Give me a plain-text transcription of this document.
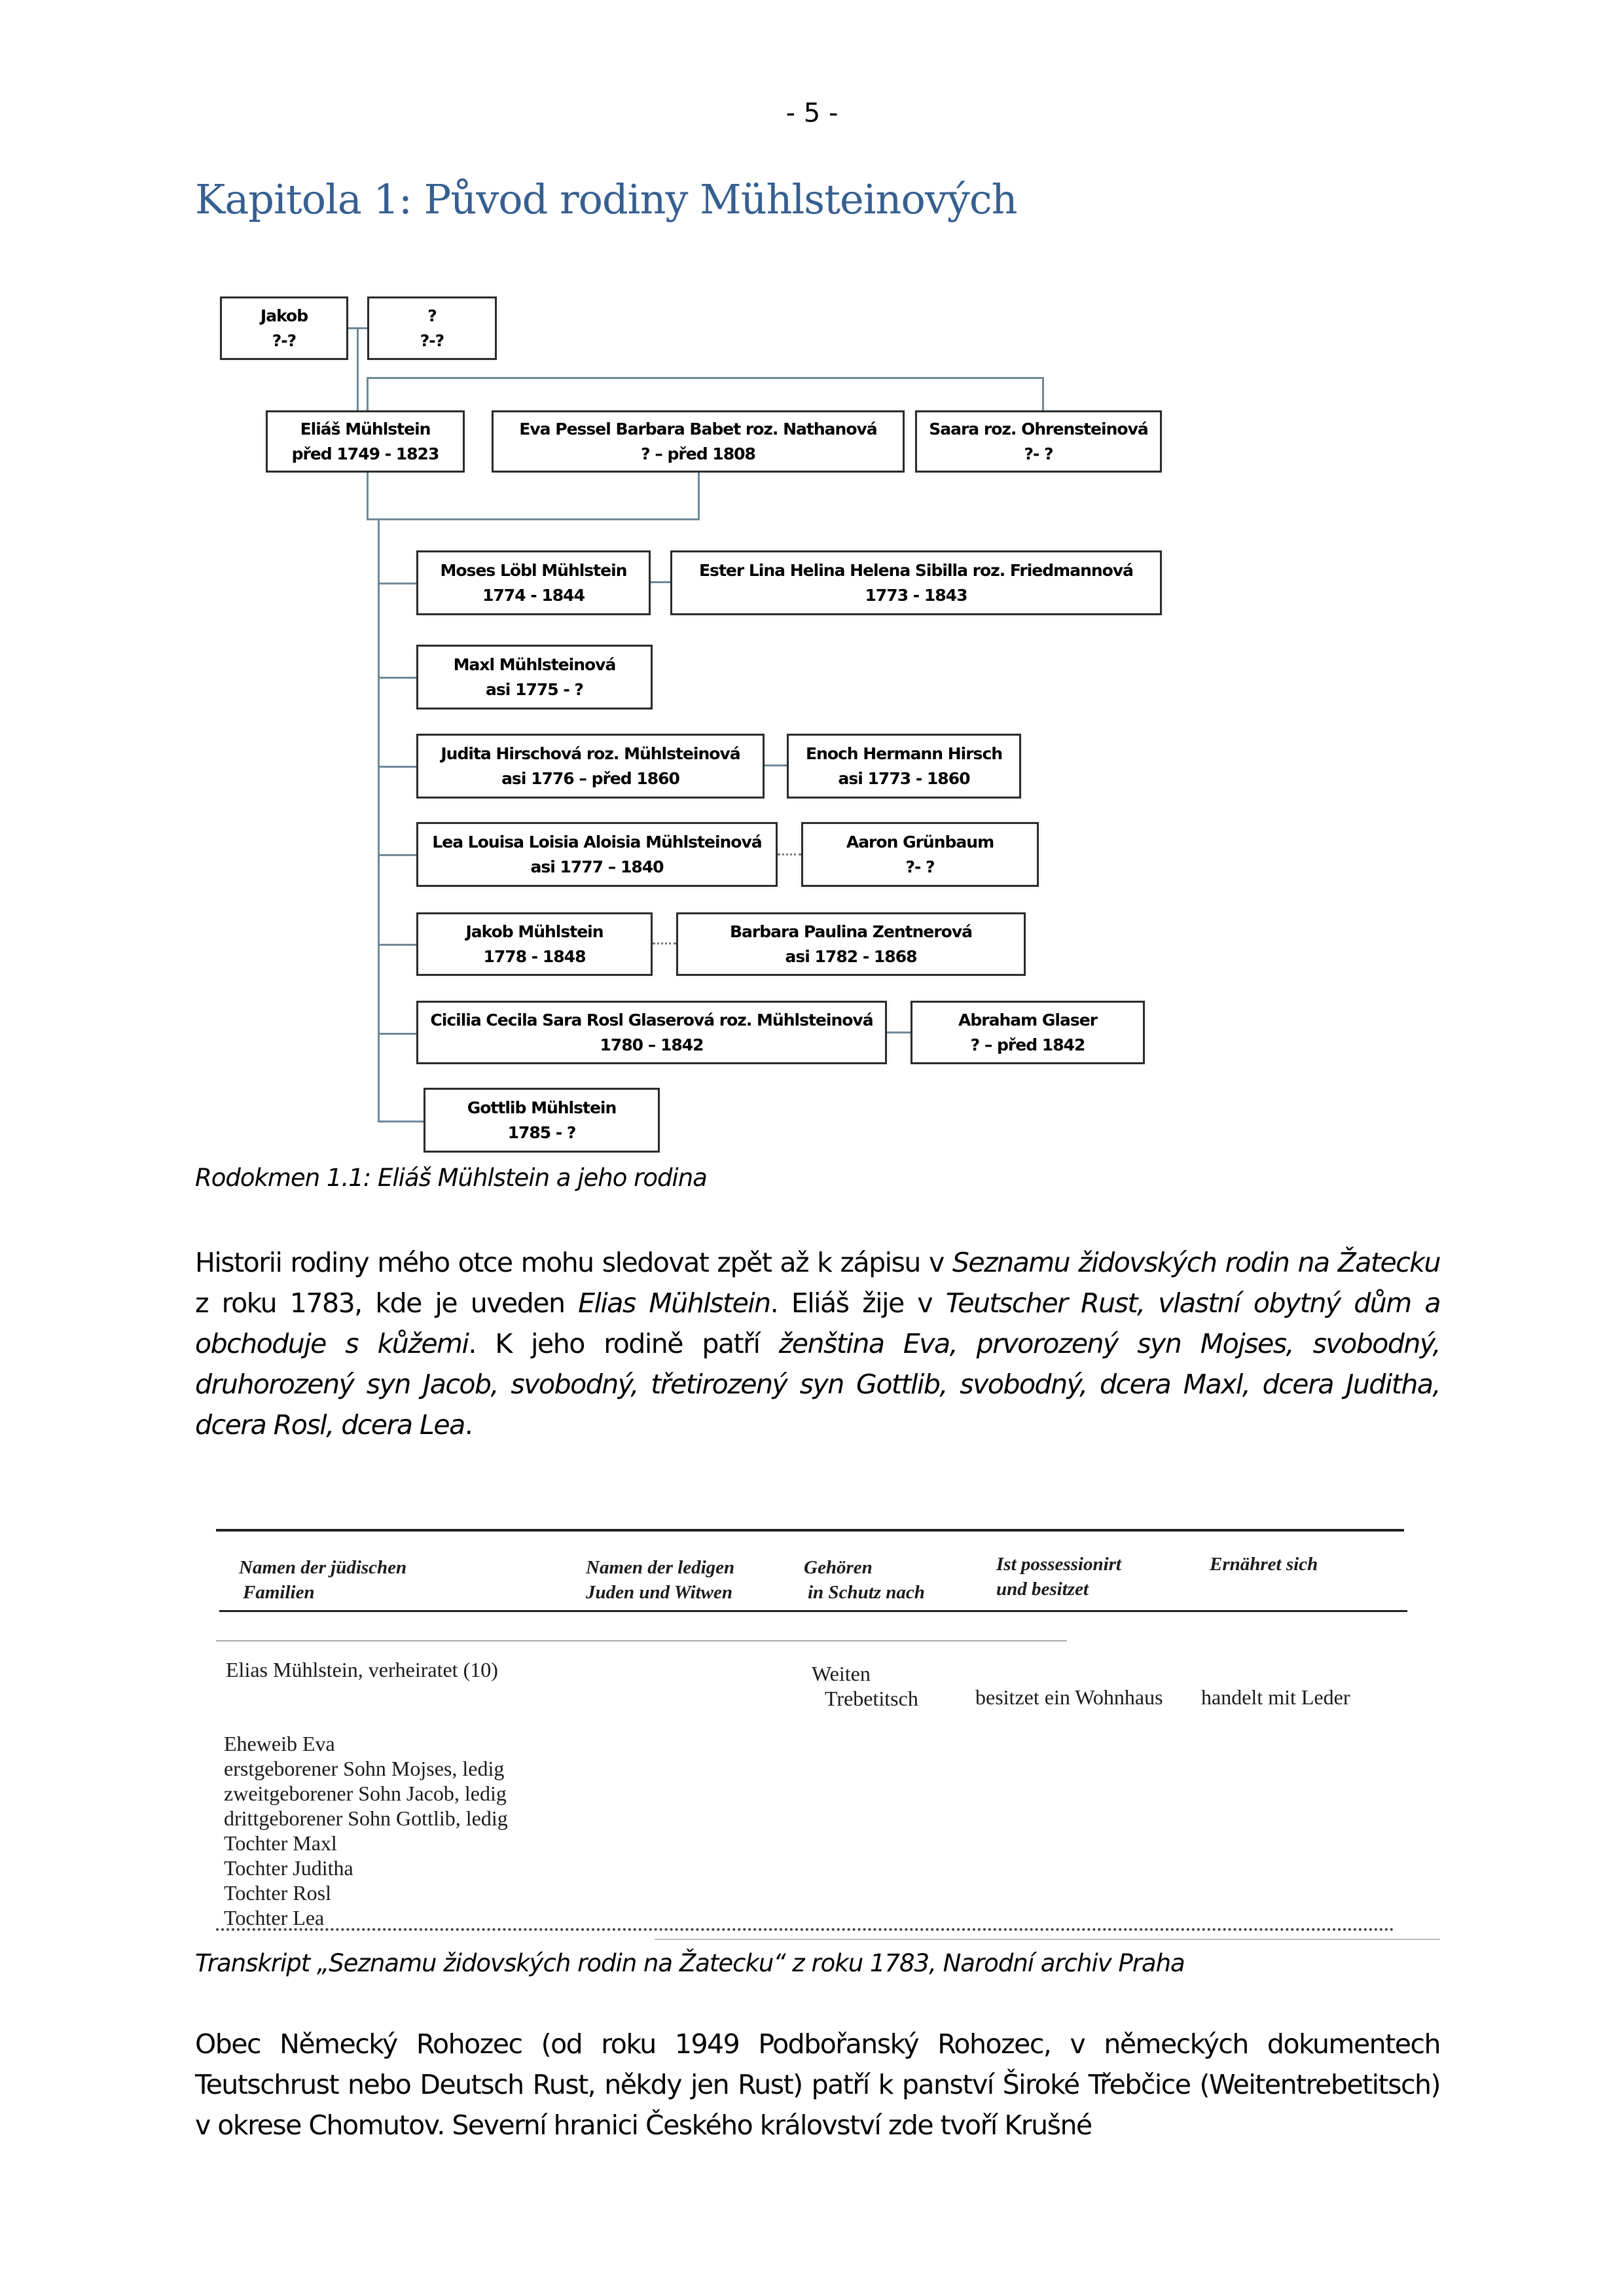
- 5 -
Kapitola 1: Původ rodiny Mühlsteinových
Jakob
?-?
?
?-?
Eliáš Mühlstein
před 1749 - 1823
Eva Pessel Barbara Babet roz. Nathanová
? – před 1808
Saara roz. Ohrensteinová
?- ?
Moses Löbl Mühlstein
1774 - 1844
Ester Lina Helina Helena Sibilla roz. Friedmannová
1773 - 1843
Maxl Mühlsteinová
asi 1775 - ?
Judita Hirschová roz. Mühlsteinová
asi 1776 – před 1860
Enoch Hermann Hirsch
asi 1773 - 1860
Lea Louisa Loisia Aloisia Mühlsteinová
asi 1777 – 1840
Aaron Grünbaum
?- ?
Jakob Mühlstein
1778 - 1848
Barbara Paulina Zentnerová
asi 1782 - 1868
Cicilia Cecila Sara Rosl Glaserová roz. Mühlsteinová
1780 – 1842
Abraham Glaser
? – před 1842
Gottlib Mühlstein
1785 - ?
Rodokmen 1.1: Eliáš Mühlstein a jeho rodina
Historii rodiny mého otce mohu sledovat zpět až k zápisu v Seznamu židovských rodin na Žatecku z roku 1783, kde je uveden Elias Mühlstein. Eliáš žije v Teutscher Rust, vlastní obytný dům a obchoduje s kůžemi. K jeho rodině patří ženština Eva, prvorozený syn Mojses, svobodný, druhorozený syn Jacob, svobodný, třetirozený syn Gottlib, svobodný, dcera Maxl, dcera Juditha, dcera Rosl, dcera Lea.
Namen der jüdischen
Familien
Namen der ledigen
Juden und Witwen
Gehören
in Schutz nach
Ist possessionirt
und besitzet
Ernähret sich
Elias Mühlstein, verheiratet (10)	Weiten
Trebetitsch	besitzet ein Wohnhaus handelt mit Leder
Eheweib Eva
erstgeborener Sohn Mojses, ledig
zweitgeborener Sohn Jacob, ledig
drittgeborener Sohn Gottlib, ledig
Tochter Maxl
Tochter Juditha
Tochter Rosl
Tochter Lea
Transkript „Seznamu židovských rodin na Žatecku“ z roku 1783, Narodní archiv Praha
Obec Německý Rohozec (od roku 1949 Podbořanský Rohozec, v německých dokumentech Teutschrust nebo Deutsch Rust, někdy jen Rust) patří k panství Široké Třebčice (Weitentrebetitsch) v okrese Chomutov. Severní hranici Českého království zde tvoří Krušné
